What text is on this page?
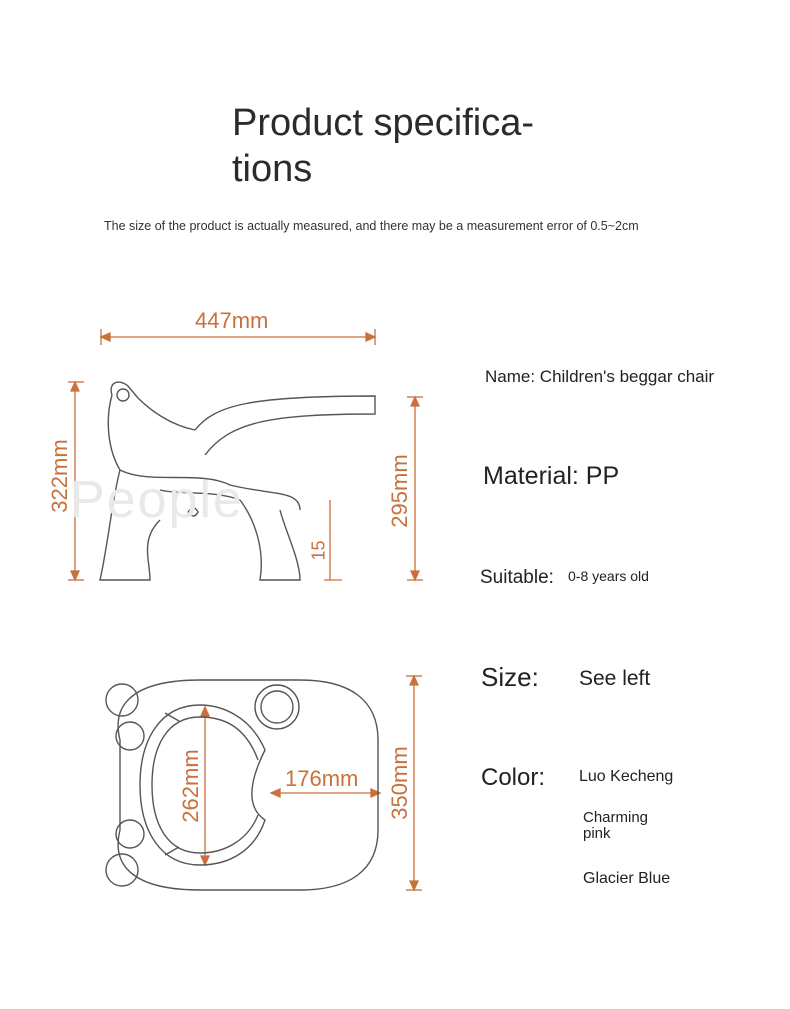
Product specifica-tions
The size of the product is actually measured, and there may be a measurement error of 0.5~2cm
People
447mm
322mm	295mm
15
262mm	176mm 350mm
Name: Children's beggar chair
Material: PP
Suitable: 0-8 years old
Size: See left
Color: Luo Kecheng
Charming pink
Glacier Blue
